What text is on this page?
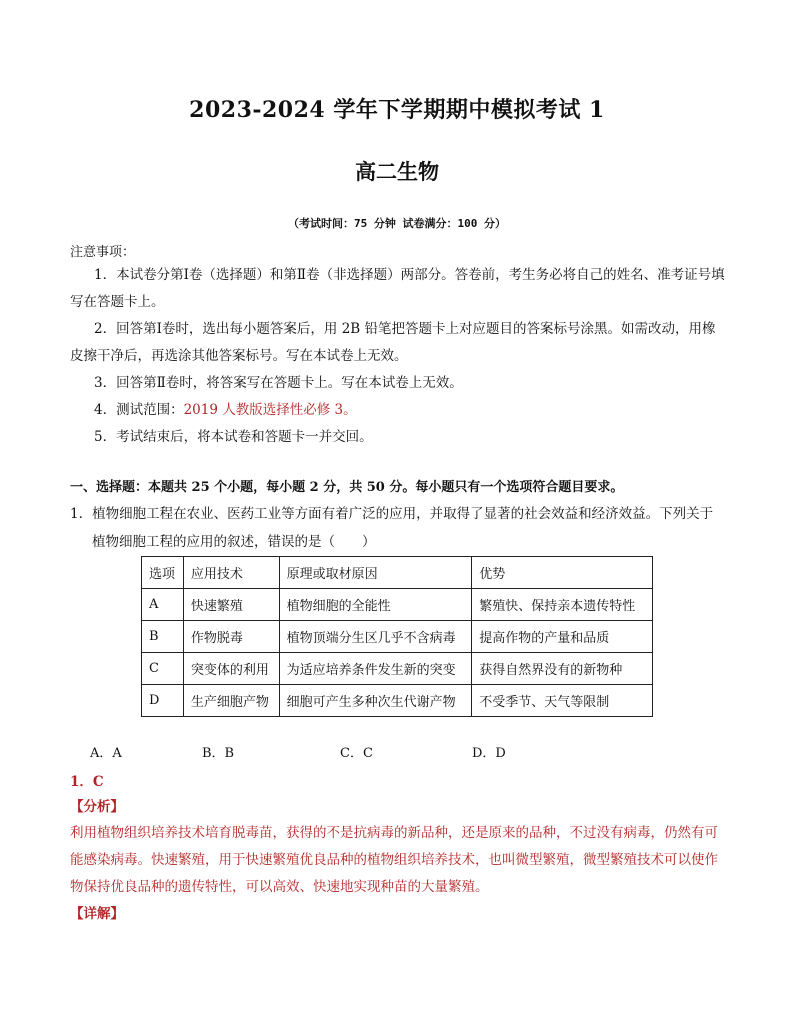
2023-2024 学年下学期期中模拟考试 1
高二生物
（考试时间：75 分钟 试卷满分：100 分）
注意事项：
1．本试卷分第Ⅰ卷（选择题）和第Ⅱ卷（非选择题）两部分。答卷前，考生务必将自己的姓名、准考证号填写在答题卡上。
2．回答第Ⅰ卷时，选出每小题答案后，用 2B 铅笔把答题卡上对应题目的答案标号涂黑。如需改动，用橡皮擦干净后，再选涂其他答案标号。写在本试卷上无效。
3．回答第Ⅱ卷时，将答案写在答题卡上。写在本试卷上无效。
4．测试范围：2019 人教版选择性必修 3。
5．考试结束后，将本试卷和答题卡一并交回。
一、选择题：本题共 25 个小题，每小题 2 分，共 50 分。每小题只有一个选项符合题目要求。
1．植物细胞工程在农业、医药工业等方面有着广泛的应用，并取得了显著的社会效益和经济效益。下列关于
植物细胞工程的应用的叙述，错误的是（　　）
选项	应用技术	原理或取材原因	优势
A	快速繁殖	植物细胞的全能性	繁殖快、保持亲本遗传特性
B	作物脱毒	植物顶端分生区几乎不含病毒	提高作物的产量和品质
C	突变体的利用	为适应培养条件发生新的突变	获得自然界没有的新物种
D	生产细胞产物	细胞可产生多种次生代谢产物	不受季节、天气等限制
A．A	B．B	C．C	D．D
1．C
【分析】
利用植物组织培养技术培育脱毒苗，获得的不是抗病毒的新品种，还是原来的品种，不过没有病毒，仍然有可能感染病毒。快速繁殖，用于快速繁殖优良品种的植物组织培养技术，也叫微型繁殖，微型繁殖技术可以使作物保持优良品种的遗传特性，可以高效、快速地实现种苗的大量繁殖。
【详解】
